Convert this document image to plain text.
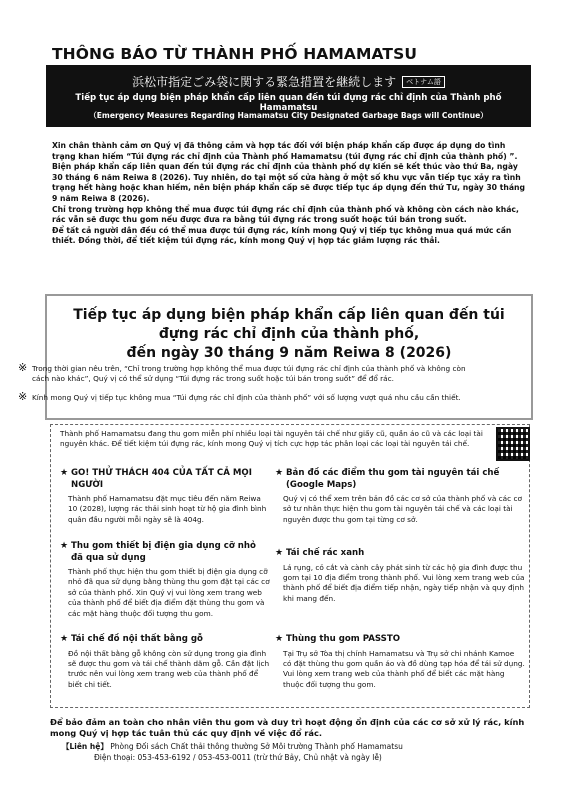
THÔNG BÁO TỪ THÀNH PHỐ HAMAMATSU
浜松市指定ごみ袋に関する緊急措置を継続します ベトナム語
Tiếp tục áp dụng biện pháp khẩn cấp liên quan đến túi đựng rác chỉ định của Thành phố Hamamatsu
（Emergency Measures Regarding Hamamatsu City Designated Garbage Bags will Continue）

Xin chân thành cảm ơn Quý vị đã thông cảm và hợp tác đối với biện pháp khẩn cấp được áp dụng do tình trạng khan hiếm “Túi đựng rác chỉ định của Thành phố Hamamatsu (túi đựng rác chỉ định của thành phố) ”.

Biện pháp khẩn cấp liên quan đến túi đựng rác chỉ định của thành phố dự kiến sẽ kết thúc vào thứ Ba, ngày 30 tháng 6 năm Reiwa 8 (2026). Tuy nhiên, do tại một số cửa hàng ở một số khu vực vẫn tiếp tục xảy ra tình trạng hết hàng hoặc khan hiếm, nên biện pháp khẩn cấp sẽ được tiếp tục áp dụng đến thứ Tư, ngày 30 tháng 9 năm Reiwa 8 (2026).

Chỉ trong trường hợp không thể mua được túi đựng rác chỉ định của thành phố và không còn cách nào khác, rác vẫn sẽ được thu gom nếu được đưa ra bằng túi đựng rác trong suốt hoặc túi bán trong suốt.

Để tất cả người dân đều có thể mua được túi đựng rác, kính mong Quý vị tiếp tục không mua quá mức cần thiết. Đồng thời, để tiết kiệm túi đựng rác, kính mong Quý vị hợp tác giảm lượng rác thải.

Tiếp tục áp dụng biện pháp khẩn cấp liên quan đến túi
đựng rác chỉ định của thành phố,
đến ngày 30 tháng 9 năm Reiwa 8 (2026)
※ Trong thời gian nêu trên, “Chỉ trong trường hợp không thể mua được túi đựng rác chỉ định của thành phố và không còn cách nào khác”, Quý vị có thể sử dụng “Túi đựng rác trong suốt hoặc túi bán trong suốt” để đổ rác.
※ Kính mong Quý vị tiếp tục không mua “Túi đựng rác chỉ định của thành phố” với số lượng vượt quá nhu cầu cần thiết.
Thành phố Hamamatsu đang thu gom miễn phí nhiều loại tài nguyên tái chế như giấy cũ, quần áo cũ và các loại tài nguyên khác. Để tiết kiệm túi đựng rác, kính mong Quý vị tích cực hợp tác phân loại các loại tài nguyên tái chế.
★ GO! THỬ THÁCH 404 CỦA TẤT CẢ MỌI NGƯỜI
Thành phố Hamamatsu đặt mục tiêu đến năm Reiwa 10 (2028), lượng rác thải sinh hoạt từ hộ gia đình bình quân đầu người mỗi ngày sẽ là 404g.
★ Bản đồ các điểm thu gom tài nguyên tái chế (Google Maps)
Quý vị có thể xem trên bản đồ các cơ sở của thành phố và các cơ sở tư nhân thực hiện thu gom tài nguyên tái chế và các loại tài nguyên được thu gom tại từng cơ sở.
★ Thu gom thiết bị điện gia dụng cỡ nhỏ đã qua sử dụng
Thành phố thực hiện thu gom thiết bị điện gia dụng cỡ nhỏ đã qua sử dụng bằng thùng thu gom đặt tại các cơ sở của thành phố. Xin Quý vị vui lòng xem trang web của thành phố để biết địa điểm đặt thùng thu gom và các mặt hàng thuộc đối tượng thu gom.
★ Tái chế rác xanh
Lá rụng, cỏ cắt và cành cây phát sinh từ các hộ gia đình được thu gom tại 10 địa điểm trong thành phố. Vui lòng xem trang web của thành phố để biết địa điểm tiếp nhận, ngày tiếp nhận và quy định khi mang đến.
★ Tái chế đồ nội thất bằng gỗ
Đồ nội thất bằng gỗ không còn sử dụng trong gia đình sẽ được thu gom và tái chế thành dăm gỗ. Cần đặt lịch trước nên vui lòng xem trang web của thành phố để biết chi tiết.
★ Thùng thu gom PASSTO
Tại Trụ sở Tòa thị chính Hamamatsu và Trụ sở chi nhánh Kamoe có đặt thùng thu gom quần áo và đồ dùng tạp hóa để tái sử dụng. Vui lòng xem trang web của thành phố để biết các mặt hàng thuộc đối tượng thu gom.
Để bảo đảm an toàn cho nhân viên thu gom và duy trì hoạt động ổn định của các cơ sở xử lý rác, kính mong Quý vị hợp tác tuân thủ các quy định về việc đổ rác.
【Liên hệ】 Phòng Đối sách Chất thải thông thường Sở Môi trường Thành phố Hamamatsu
Điện thoại: 053-453-6192 / 053-453-0011 (trừ thứ Bảy, Chủ nhật và ngày lễ)
